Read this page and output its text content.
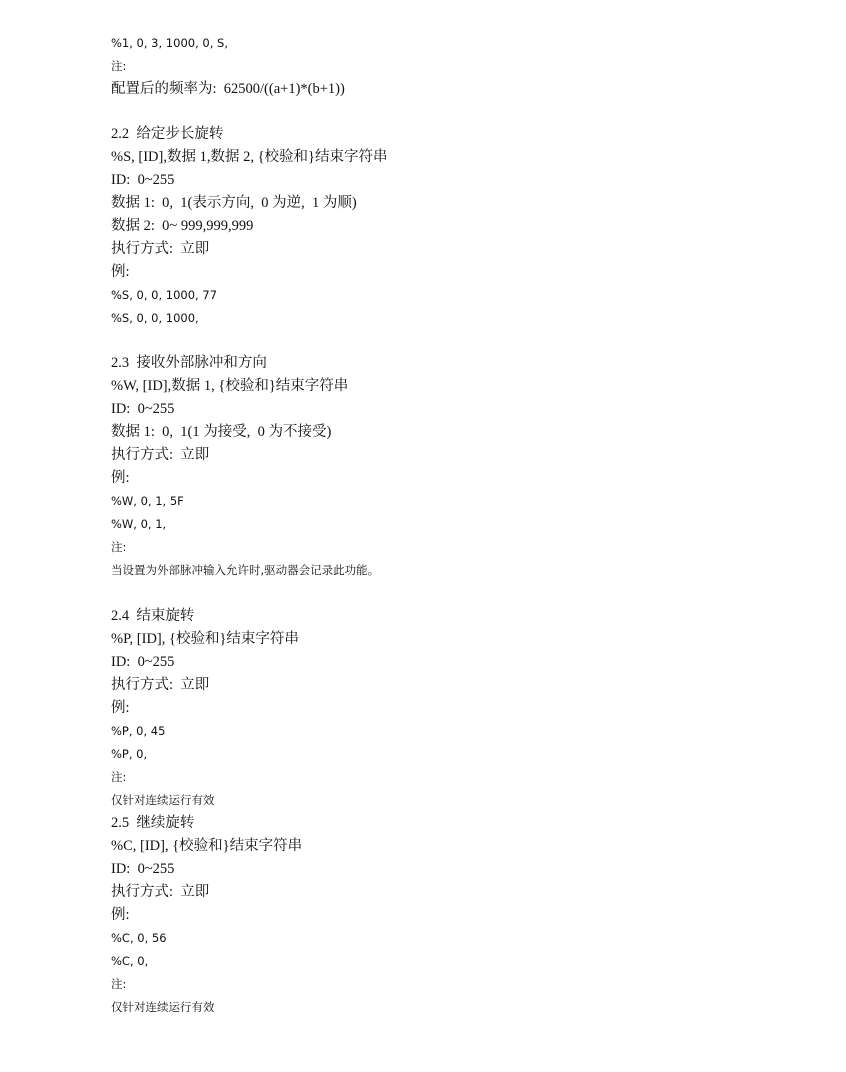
%1, 0, 3, 1000, 0, S,
注:
配置后的频率为:  62500/((a+1)*(b+1))
2.2  给定步长旋转
%S, [ID],数据 1,数据 2, {校验和}结束字符串
ID:  0~255
数据 1:  0,  1(表示方向,  0 为逆,  1 为顺)
数据 2:  0~ 999,999,999
执行方式:  立即
例:
%S, 0, 0, 1000, 77
%S, 0, 0, 1000,
2.3  接收外部脉冲和方向
%W, [ID],数据 1, {校验和}结束字符串
ID:  0~255
数据 1:  0,  1(1 为接受,  0 为不接受)
执行方式:  立即
例:
%W, 0, 1, 5F
%W, 0, 1,
注:
当设置为外部脉冲输入允许时,驱动器会记录此功能。
2.4  结束旋转
%P, [ID], {校验和}结束字符串
ID:  0~255
执行方式:  立即
例:
%P, 0, 45
%P, 0,
注:
仅针对连续运行有效
2.5  继续旋转
%C, [ID], {校验和}结束字符串
ID:  0~255
执行方式:  立即
例:
%C, 0, 56
%C, 0,
注:
仅针对连续运行有效
